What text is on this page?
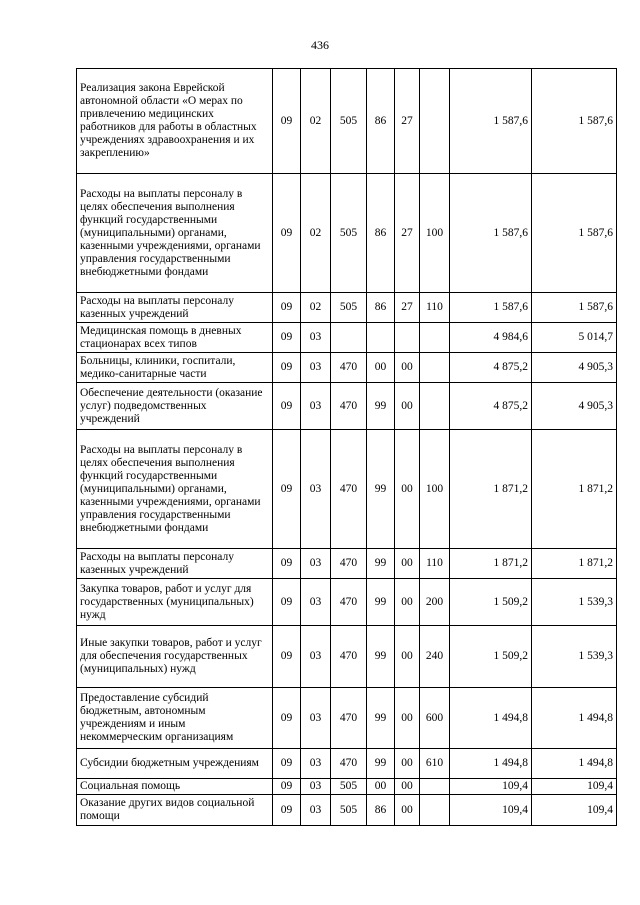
436
Реализация закона Еврейской автономной области «О мерах по привлечению медицинских работников для работы в областных учреждениях здравоохранения и их закреплению»	09	02	505	86	27		1 587,6	1 587,6
Расходы на выплаты персоналу в целях обеспечения выполнения функций государственными (муниципальными) органами, казенными учреждениями, органами управления государственными внебюджетными фондами	09	02	505	86	27	100	1 587,6	1 587,6
Расходы на выплаты персоналу казенных учреждений	09	02	505	86	27	110	1 587,6	1 587,6
Медицинская помощь в дневных стационарах всех типов	09	03					4 984,6	5 014,7
Больницы, клиники, госпитали, медико-санитарные части	09	03	470	00	00		4 875,2	4 905,3
Обеспечение деятельности (оказание услуг) подведомственных учреждений	09	03	470	99	00		4 875,2	4 905,3
Расходы на выплаты персоналу в целях обеспечения выполнения функций государственными (муниципальными) органами, казенными учреждениями, органами управления государственными внебюджетными фондами	09	03	470	99	00	100	1 871,2	1 871,2
Расходы на выплаты персоналу казенных учреждений	09	03	470	99	00	110	1 871,2	1 871,2
Закупка товаров, работ и услуг для государственных (муниципальных) нужд	09	03	470	99	00	200	1 509,2	1 539,3
Иные закупки товаров, работ и услуг для обеспечения государственных (муниципальных) нужд	09	03	470	99	00	240	1 509,2	1 539,3
Предоставление субсидий бюджетным, автономным учреждениям и иным некоммерческим организациям	09	03	470	99	00	600	1 494,8	1 494,8
Субсидии бюджетным учреждениям	09	03	470	99	00	610	1 494,8	1 494,8
Социальная помощь	09	03	505	00	00		109,4	109,4
Оказание других видов социальной помощи	09	03	505	86	00		109,4	109,4
